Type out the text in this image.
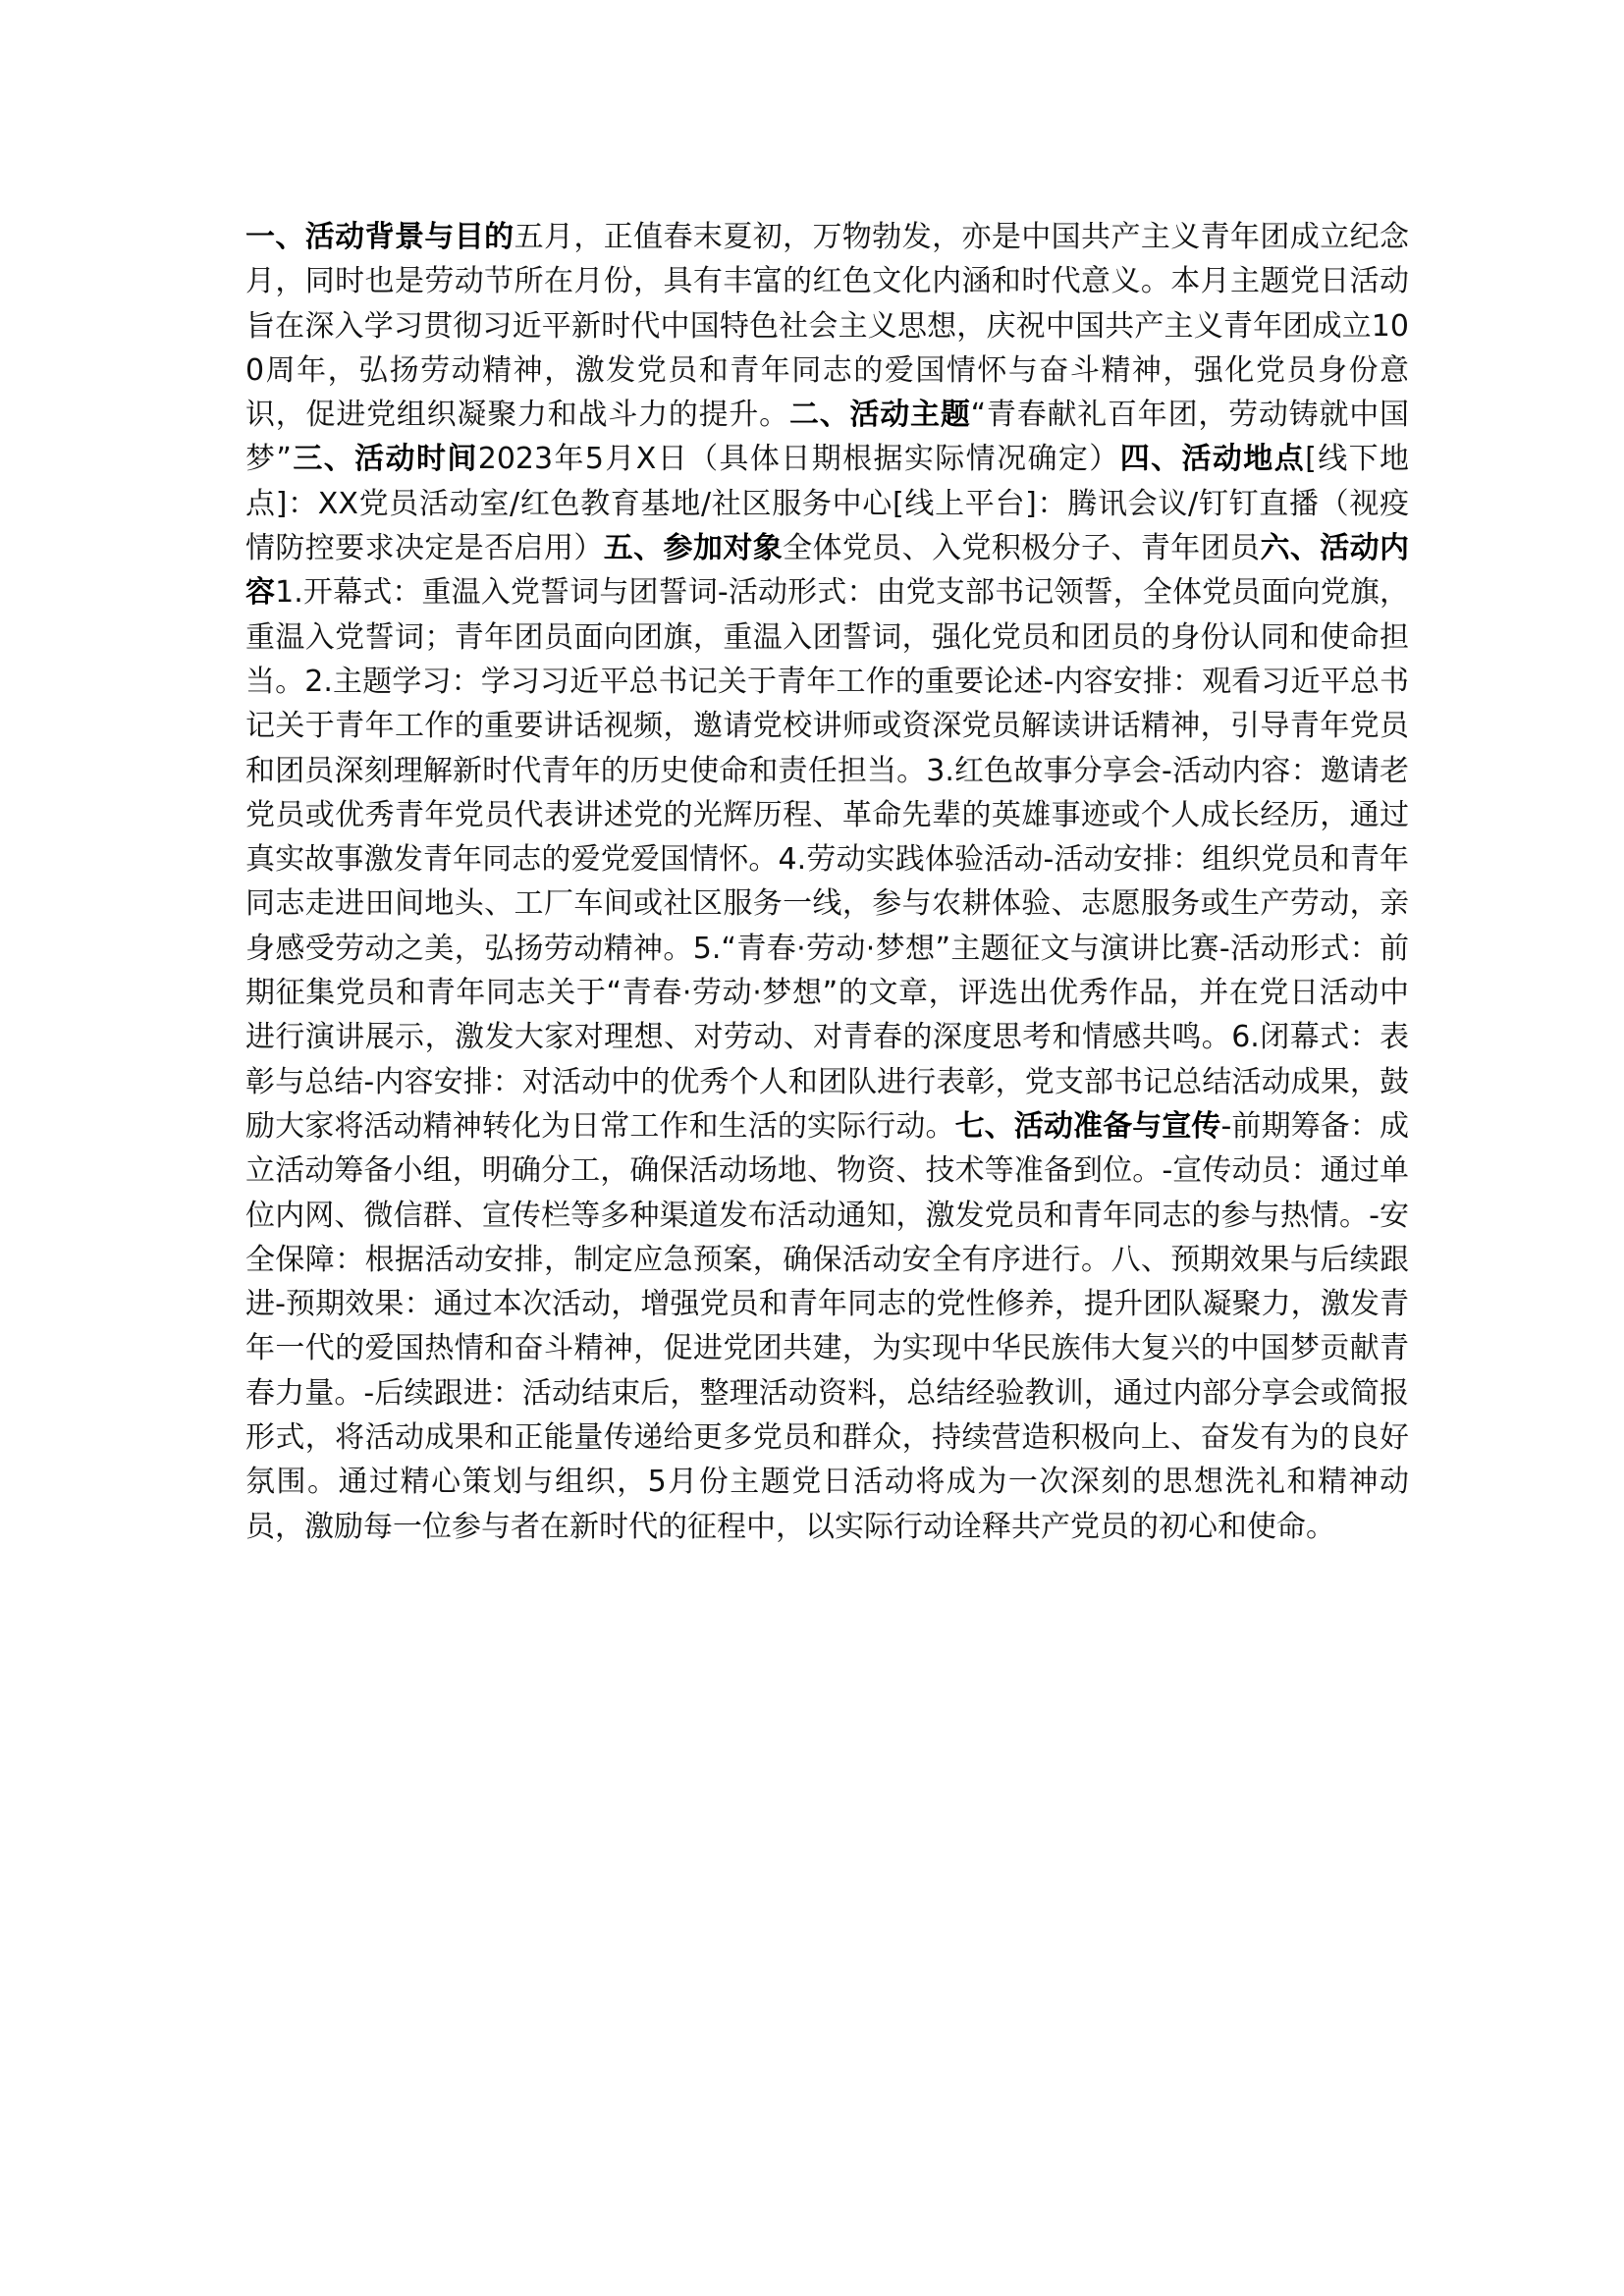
一、活动背景与目的五月，正值春末夏初，万物勃发，亦是中国共产主义青年团成立纪念月，同时也是劳动节所在月份，具有丰富的红色文化内涵和时代意义。本月主题党日活动旨在深入学习贯彻习近平新时代中国特色社会主义思想，庆祝中国共产主义青年团成立100周年，弘扬劳动精神，激发党员和青年同志的爱国情怀与奋斗精神，强化党员身份意识，促进党组织凝聚力和战斗力的提升。二、活动主题“青春献礼百年团，劳动铸就中国梦”三、活动时间2023年5月X日（具体日期根据实际情况确定）四、活动地点[线下地点]：XX党员活动室/红色教育基地/社区服务中心[线上平台]：腾讯会议/钉钉直播（视疫情防控要求决定是否启用）五、参加对象全体党员、入党积极分子、青年团员六、活动内容1.开幕式：重温入党誓词与团誓词-活动形式：由党支部书记领誓，全体党员面向党旗，重温入党誓词；青年团员面向团旗，重温入团誓词，强化党员和团员的身份认同和使命担当。2.主题学习：学习习近平总书记关于青年工作的重要论述-内容安排：观看习近平总书记关于青年工作的重要讲话视频，邀请党校讲师或资深党员解读讲话精神，引导青年党员和团员深刻理解新时代青年的历史使命和责任担当。3.红色故事分享会-活动内容：邀请老党员或优秀青年党员代表讲述党的光辉历程、革命先辈的英雄事迹或个人成长经历，通过真实故事激发青年同志的爱党爱国情怀。4.劳动实践体验活动-活动安排：组织党员和青年同志走进田间地头、工厂车间或社区服务一线，参与农耕体验、志愿服务或生产劳动，亲身感受劳动之美，弘扬劳动精神。5.“青春·劳动·梦想”主题征文与演讲比赛-活动形式：前期征集党员和青年同志关于“青春·劳动·梦想”的文章，评选出优秀作品，并在党日活动中进行演讲展示，激发大家对理想、对劳动、对青春的深度思考和情感共鸣。6.闭幕式：表彰与总结-内容安排：对活动中的优秀个人和团队进行表彰，党支部书记总结活动成果，鼓励大家将活动精神转化为日常工作和生活的实际行动。七、活动准备与宣传-前期筹备：成立活动筹备小组，明确分工，确保活动场地、物资、技术等准备到位。-宣传动员：通过单位内网、微信群、宣传栏等多种渠道发布活动通知，激发党员和青年同志的参与热情。-安全保障：根据活动安排，制定应急预案，确保活动安全有序进行。八、预期效果与后续跟进-预期效果：通过本次活动，增强党员和青年同志的党性修养，提升团队凝聚力，激发青年一代的爱国热情和奋斗精神，促进党团共建，为实现中华民族伟大复兴的中国梦贡献青春力量。-后续跟进：活动结束后，整理活动资料，总结经验教训，通过内部分享会或简报形式，将活动成果和正能量传递给更多党员和群众，持续营造积极向上、奋发有为的良好氛围。通过精心策划与组织，5月份主题党日活动将成为一次深刻的思想洗礼和精神动员，激励每一位参与者在新时代的征程中，以实际行动诠释共产党员的初心和使命。
